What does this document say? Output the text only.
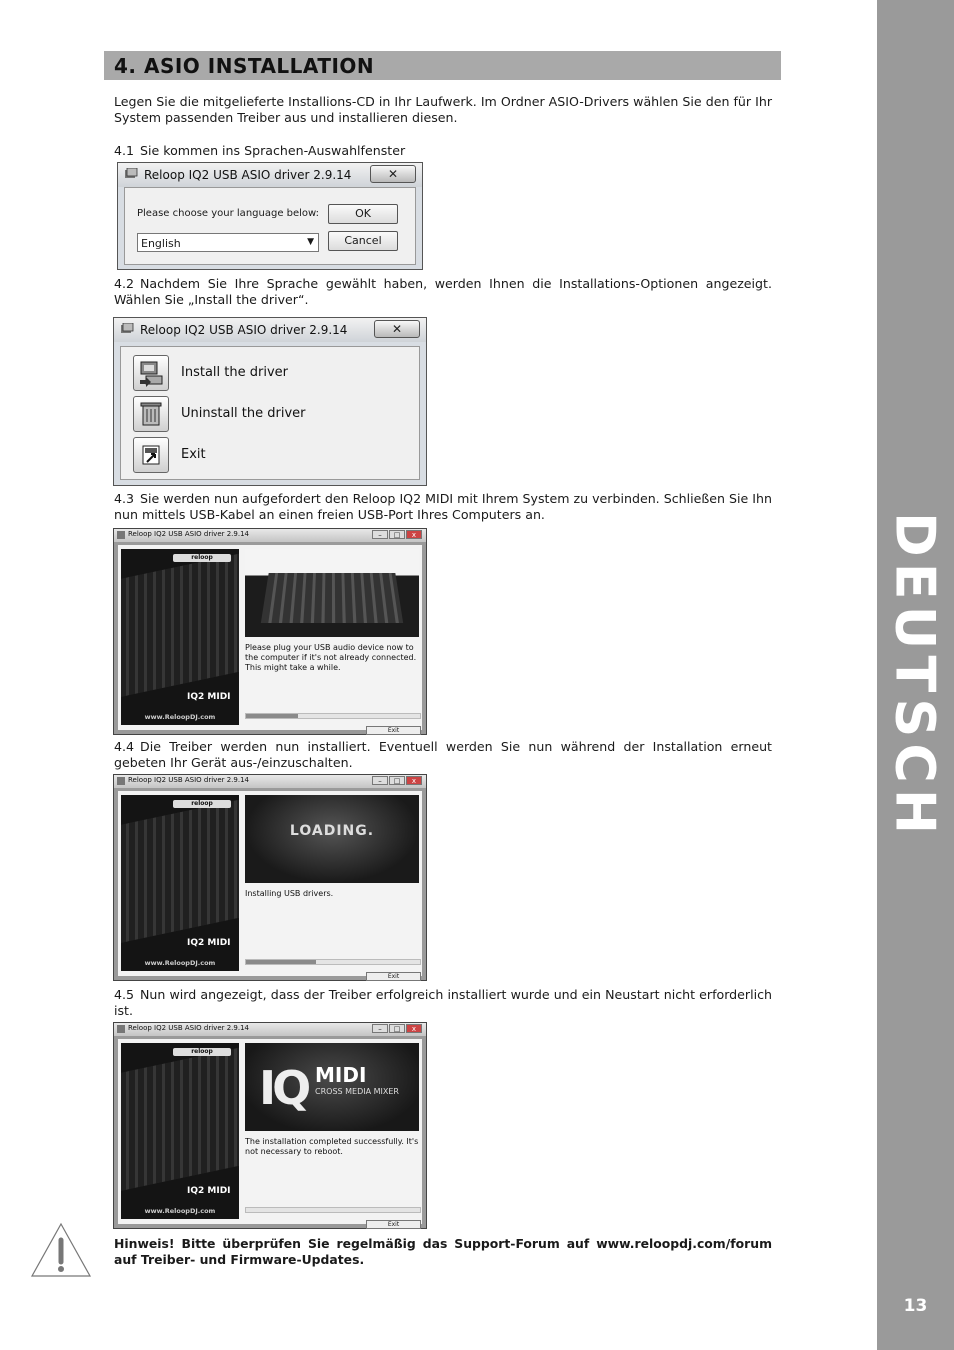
DEUTSCH
13
4. ASIO INSTALLATION
Legen Sie die mitgelieferte Installions-CD in Ihr Laufwerk. Im Ordner ASIO-Drivers wählen Sie den für Ihr System passenden Treiber aus und installieren diesen.
4.1 Sie kommen ins Sprachen-Auswahlfenster
Reloop IQ2 USB ASIO driver 2.9.14	✕
Please choose your language below:	OK
English	▼	Cancel
4.2 Nachdem Sie Ihre Sprache gewählt haben, werden Ihnen die Installations-Optionen angezeigt. Wählen Sie „Install the driver“.
Reloop IQ2 USB ASIO driver 2.9.14	✕
Install the driver
Uninstall the driver
Exit
4.3 Sie werden nun aufgefordert den Reloop IQ2 MIDI mit Ihrem System zu verbinden. Schließen Sie Ihn nun mittels USB-Kabel an einen freien USB-Port Ihres Computers an.
Reloop IQ2 USB ASIO driver 2.9.14	–	□	x
reloop
IQ2 MIDI
www.ReloopDJ.com
Please plug your USB audio device now to the computer if it's not already connected. This might take a while.
Exit
4.4 Die Treiber werden nun installiert. Eventuell werden Sie nun während der Installation erneut gebeten Ihr Gerät aus-/einzuschalten.
Reloop IQ2 USB ASIO driver 2.9.14	–	□	x
reloop
IQ2 MIDI
www.ReloopDJ.com
LOADING.
Installing USB drivers.
Exit
4.5 Nun wird angezeigt, dass der Treiber erfolgreich installiert wurde und ein Neustart nicht erforderlich ist.
Reloop IQ2 USB ASIO driver 2.9.14	–	□	x
reloop
IQ2 MIDI
www.ReloopDJ.com
IQ MIDI
CROSS MEDIA MIXER
The installation completed successfully. It's not necessary to reboot.
Exit
Hinweis! Bitte überprüfen Sie regelmäßig das Support-Forum auf www.reloopdj.com/forum auf Treiber- und Firmware-Updates.
